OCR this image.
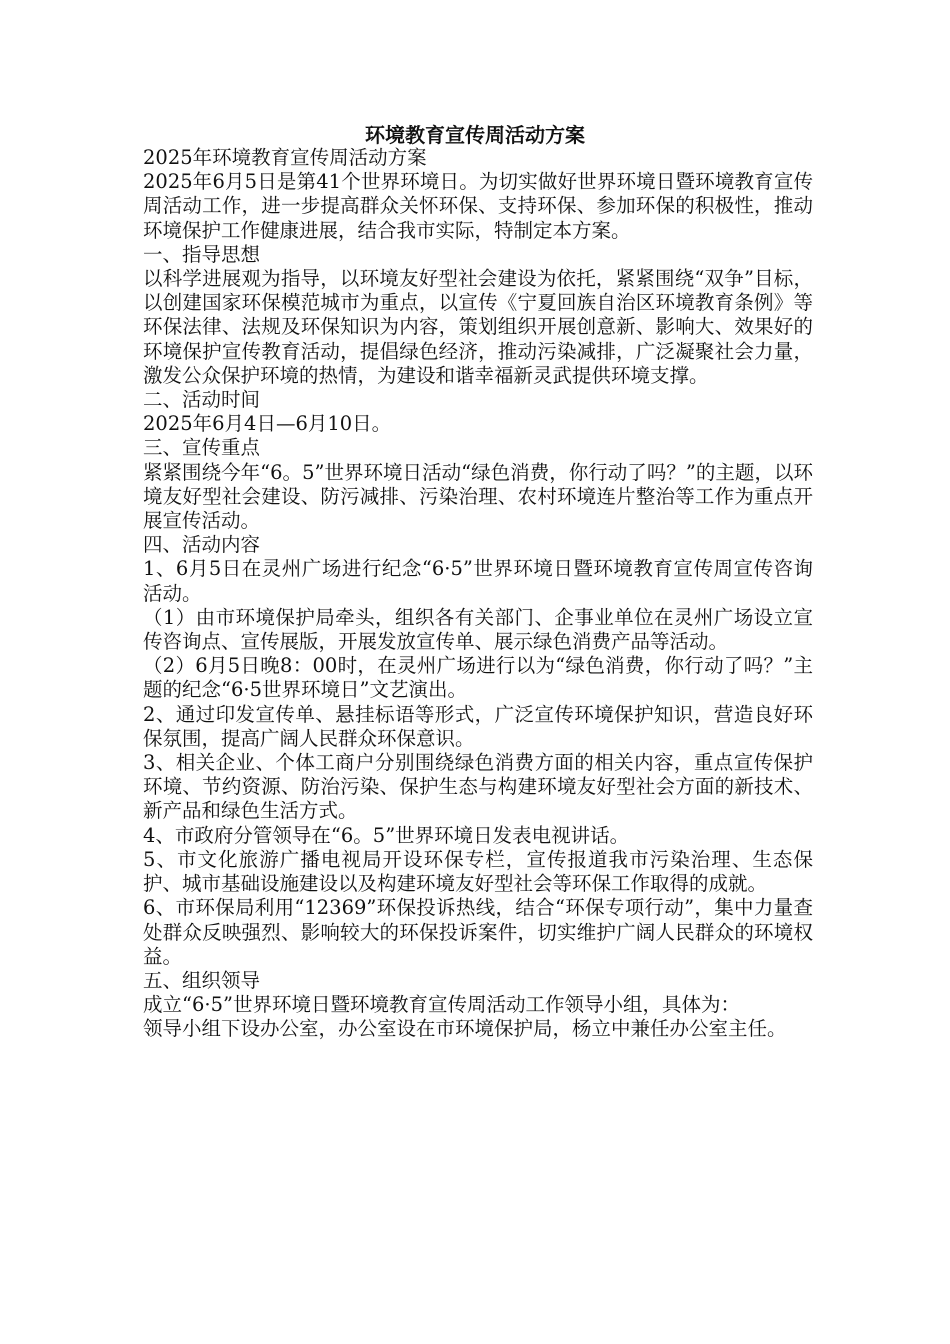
环境教育宣传周活动方案

2025年环境教育宣传周活动方案

2025年6月5日是第41个世界环境日。为切实做好世界环境日暨环境教育宣传周活动工作，进一步提高群众关怀环保、支持环保、参加环保的积极性，推动环境保护工作健康进展，结合我市实际，特制定本方案。

一、指导思想

以科学进展观为指导，以环境友好型社会建设为依托，紧紧围绕“双争”目标，以创建国家环保模范城市为重点，以宣传《宁夏回族自治区环境教育条例》等环保法律、法规及环保知识为内容，策划组织开展创意新、影响大、效果好的环境保护宣传教育活动，提倡绿色经济，推动污染减排，广泛凝聚社会力量，激发公众保护环境的热情，为建设和谐幸福新灵武提供环境支撑。

二、活动时间

2025年6月4日—6月10日。

三、宣传重点

紧紧围绕今年“6。5”世界环境日活动“绿色消费，你行动了吗？”的主题，以环境友好型社会建设、防污减排、污染治理、农村环境连片整治等工作为重点开展宣传活动。

四、活动内容

1、6月5日在灵州广场进行纪念“6·5”世界环境日暨环境教育宣传周宣传咨询活动。

（1）由市环境保护局牵头，组织各有关部门、企事业单位在灵州广场设立宣传咨询点、宣传展版，开展发放宣传单、展示绿色消费产品等活动。

（2）6月5日晚8：00时，在灵州广场进行以为“绿色消费，你行动了吗？”主题的纪念“6·5世界环境日”文艺演出。

2、通过印发宣传单、悬挂标语等形式，广泛宣传环境保护知识，营造良好环保氛围，提高广阔人民群众环保意识。

3、相关企业、个体工商户分别围绕绿色消费方面的相关内容，重点宣传保护环境、节约资源、防治污染、保护生态与构建环境友好型社会方面的新技术、新产品和绿色生活方式。

4、市政府分管领导在“6。5”世界环境日发表电视讲话。

5、市文化旅游广播电视局开设环保专栏，宣传报道我市污染治理、生态保护、城市基础设施建设以及构建环境友好型社会等环保工作取得的成就。

6、市环保局利用“12369”环保投诉热线，结合“环保专项行动”，集中力量查处群众反映强烈、影响较大的环保投诉案件，切实维护广阔人民群众的环境权益。

五、组织领导

成立“6·5”世界环境日暨环境教育宣传周活动工作领导小组，具体为：

领导小组下设办公室，办公室设在市环境保护局，杨立中兼任办公室主任。
